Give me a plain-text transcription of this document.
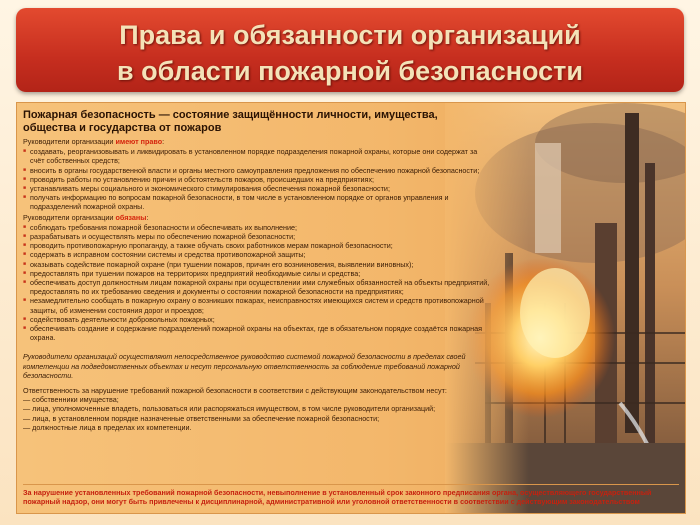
Права и обязанности организаций
в области пожарной безопасности
Пожарная безопасность — состояние защищённости личности, имущества, общества и государства от пожаров
Руководители организации имеют право:
■ создавать, реорганизовывать и ликвидировать в установленном порядке подразделения пожарной охраны, которые они содержат за счёт собственных средств;
■ вносить в органы государственной власти и органы местного самоуправления предложения по обеспечению пожарной безопасности;
■ проводить работы по установлению причин и обстоятельств пожаров, происшедших на предприятиях;
■ устанавливать меры социального и экономического стимулирования обеспечения пожарной безопасности;
■ получать информацию по вопросам пожарной безопасности, в том числе в установленном порядке от органов управления и подразделений пожарной охраны.
Руководители организации обязаны:
■ соблюдать требования пожарной безопасности и обеспечивать их выполнение;
■ разрабатывать и осуществлять меры по обеспечению пожарной безопасности;
■ проводить противопожарную пропаганду, а также обучать своих работников мерам пожарной безопасности;
■ содержать в исправном состоянии системы и средства противопожарной защиты;
■ оказывать содействие пожарной охране (при тушении пожаров, причин его возникновения, выявлении виновных);
■ предоставлять при тушении пожаров на территориях предприятий необходимые силы и средства;
■ обеспечивать доступ должностным лицам пожарной охраны при осуществлении ими служебных обязанностей на объекты предприятий, предоставлять по их требованию сведения и документы о состоянии пожарной безопасности на предприятиях;
■ незамедлительно сообщать в пожарную охрану о возникших пожарах, неисправностях имеющихся систем и средств противопожарной защиты, об изменении состояния дорог и проездов;
■ содействовать деятельности добровольных пожарных;
■ обеспечивать создание и содержание подразделений пожарной охраны на объектах, где в обязательном порядке создаётся пожарная охрана.
Руководители организаций осуществляют непосредственное руководство системой пожарной безопасности в пределах своей компетенции на подведомственных объектах и несут персональную ответственность за соблюдение требований пожарной безопасности.
Ответственность за нарушение требований пожарной безопасности в соответствии с действующим законодательством несут:
— собственники имущества;
— лица, уполномоченные владеть, пользоваться или распоряжаться имуществом, в том числе руководители организаций;
— лица, в установленном порядке назначенные ответственными за обеспечение пожарной безопасности;
— должностные лица в пределах их компетенции.
За нарушение установленных требований пожарной безопасности, невыполнение в установленный срок законного предписания органа, осуществляющего государственный пожарный надзор, они могут быть привлечены к дисциплинарной, административной или уголовной ответственности в соответствии с действующим законодательством
